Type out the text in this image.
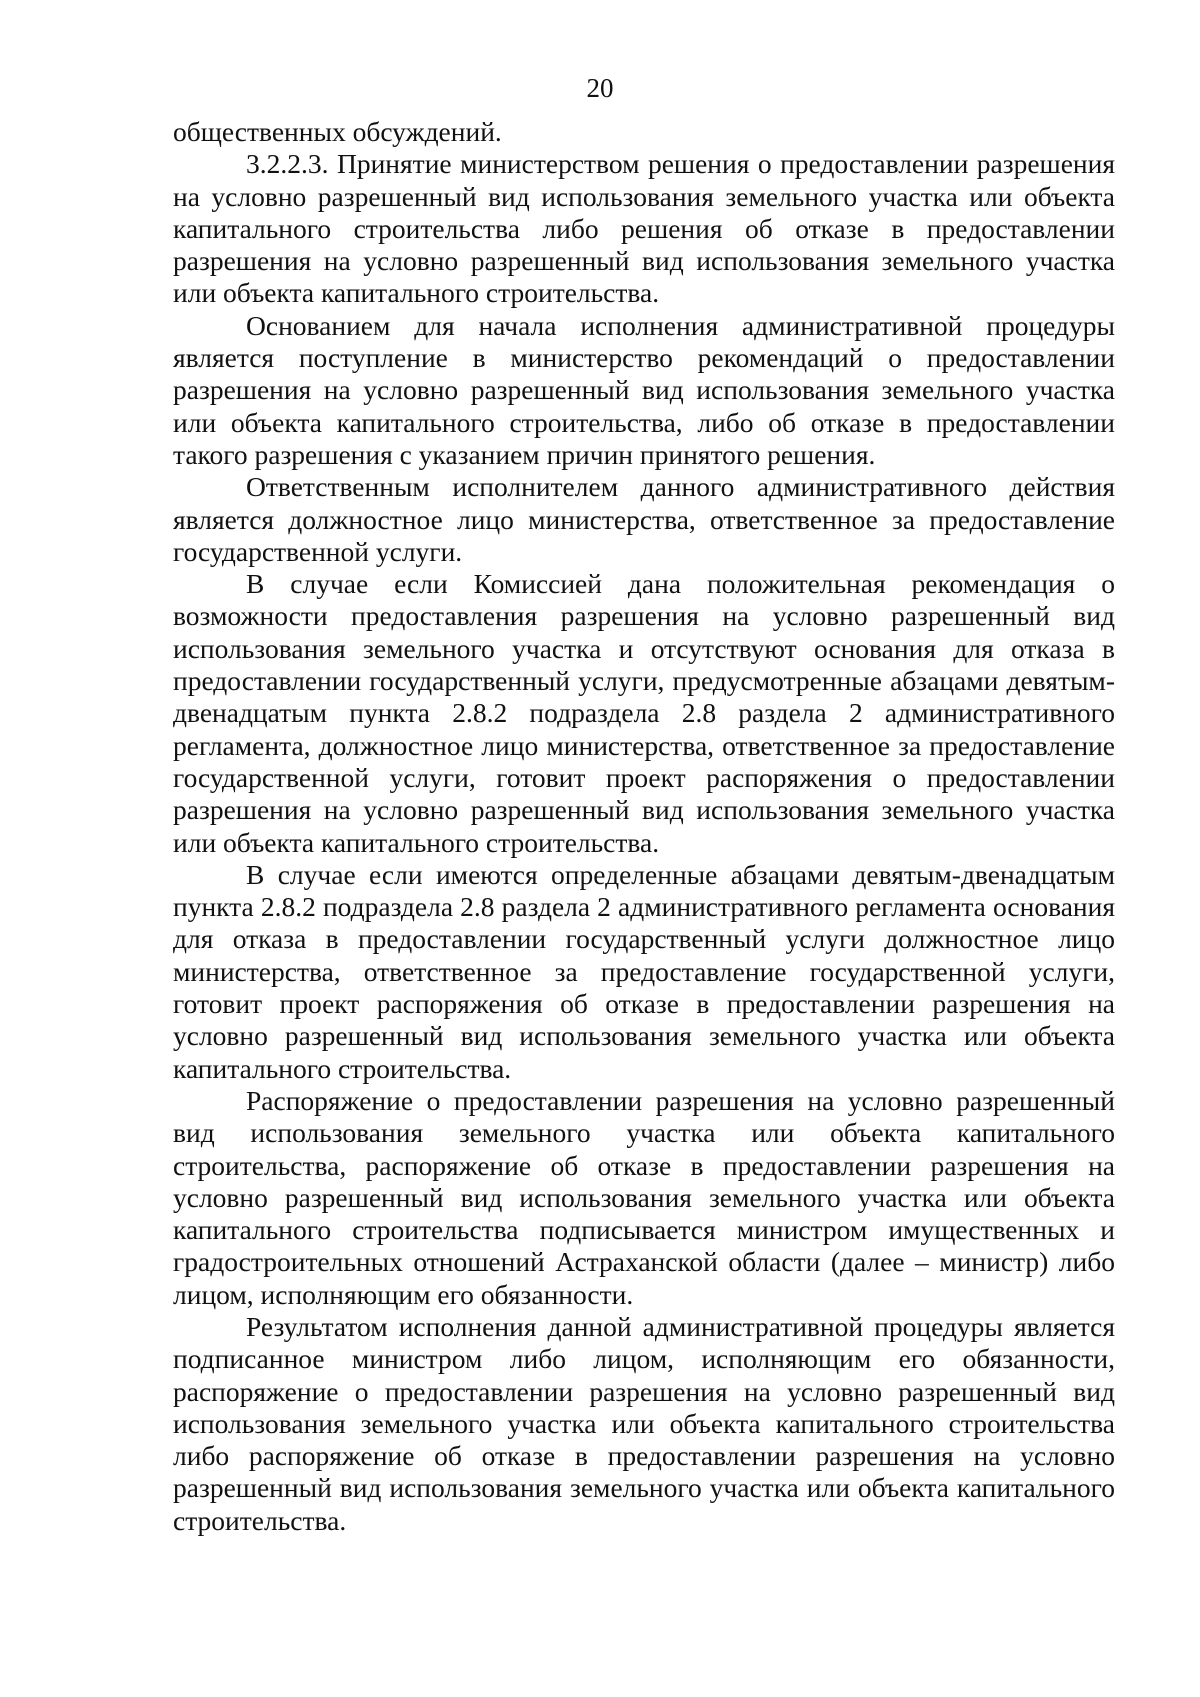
20

общественных обсуждений.

3.2.2.3. Принятие министерством решения о предоставлении разрешения на условно разрешенный вид использования земельного участка или объекта капитального строительства либо решения об отказе в предоставлении разрешения на условно разрешенный вид использования земельного участка или объекта капитального строительства.

Основанием для начала исполнения административной процедуры является поступление в министерство рекомендаций о предоставлении разрешения на условно разрешенный вид использования земельного участка или объекта капитального строительства, либо об отказе в предоставлении такого разрешения с указанием причин принятого решения.

Ответственным исполнителем данного административного действия является должностное лицо министерства, ответственное за предоставление государственной услуги.

В случае если Комиссией дана положительная рекомендация о возможности предоставления разрешения на условно разрешенный вид использования земельного участка и отсутствуют основания для отказа в предоставлении государственный услуги, предусмотренные абзацами девятым-двенадцатым пункта 2.8.2 подраздела 2.8 раздела 2 административного регламента, должностное лицо министерства, ответственное за предоставление государственной услуги, готовит проект распоряжения о предоставлении разрешения на условно разрешенный вид использования земельного участка или объекта капитального строительства.

В случае если имеются определенные абзацами девятым-двенадцатым пункта 2.8.2 подраздела 2.8 раздела 2 административного регламента основания для отказа в предоставлении государственный услуги должностное лицо министерства, ответственное за предоставление государственной услуги, готовит проект распоряжения об отказе в предоставлении разрешения на условно разрешенный вид использования земельного участка или объекта капитального строительства.

Распоряжение о предоставлении разрешения на условно разрешенный вид использования земельного участка или объекта капитального строительства, распоряжение об отказе в предоставлении разрешения на условно разрешенный вид использования земельного участка или объекта капитального строительства подписывается министром имущественных и градостроительных отношений Астраханской области (далее – министр) либо лицом, исполняющим его обязанности.

Результатом исполнения данной административной процедуры является подписанное министром либо лицом, исполняющим его обязанности, распоряжение о предоставлении разрешения на условно разрешенный вид использования земельного участка или объекта капитального строительства либо распоряжение об отказе в предоставлении разрешения на условно разрешенный вид использования земельного участка или объекта капитального строительства.
